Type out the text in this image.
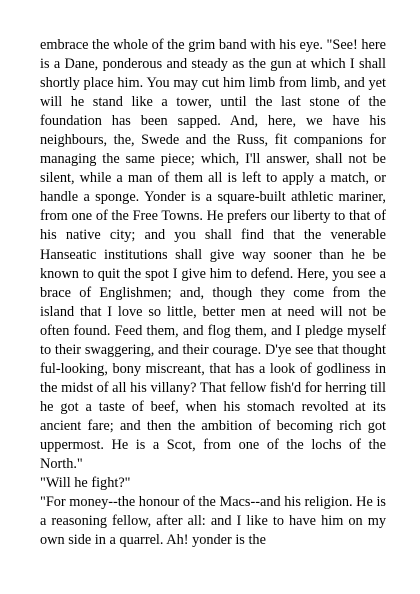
embrace the whole of the grim band with his eye. "See! here is a Dane, ponderous and steady as the gun at which I shall shortly place him. You may cut him limb from limb, and yet will he stand like a tower, until the last stone of the foundation has been sapped. And, here, we have his neighbours, the, Swede and the Russ, fit companions for managing the same piece; which, I'll answer, shall not be silent, while a man of them all is left to apply a match, or handle a sponge. Yonder is a square-built athletic mariner, from one of the Free Towns. He prefers our liberty to that of his native city; and you shall find that the venerable Hanseatic institutions shall give way sooner than he be known to quit the spot I give him to defend. Here, you see a brace of Englishmen; and, though they come from the island that I love so little, better men at need will not be often found. Feed them, and flog them, and I pledge myself to their swaggering, and their courage. D'ye see that thought ful-looking, bony miscreant, that has a look of godliness in the midst of all his villany? That fellow fish'd for herring till he got a taste of beef, when his stomach revolted at its ancient fare; and then the ambition of becoming rich got uppermost. He is a Scot, from one of the lochs of the North."

"Will he fight?"

"For money--the honour of the Macs--and his religion. He is a reasoning fellow, after all: and I like to have him on my own side in a quarrel. Ah! yonder is the
